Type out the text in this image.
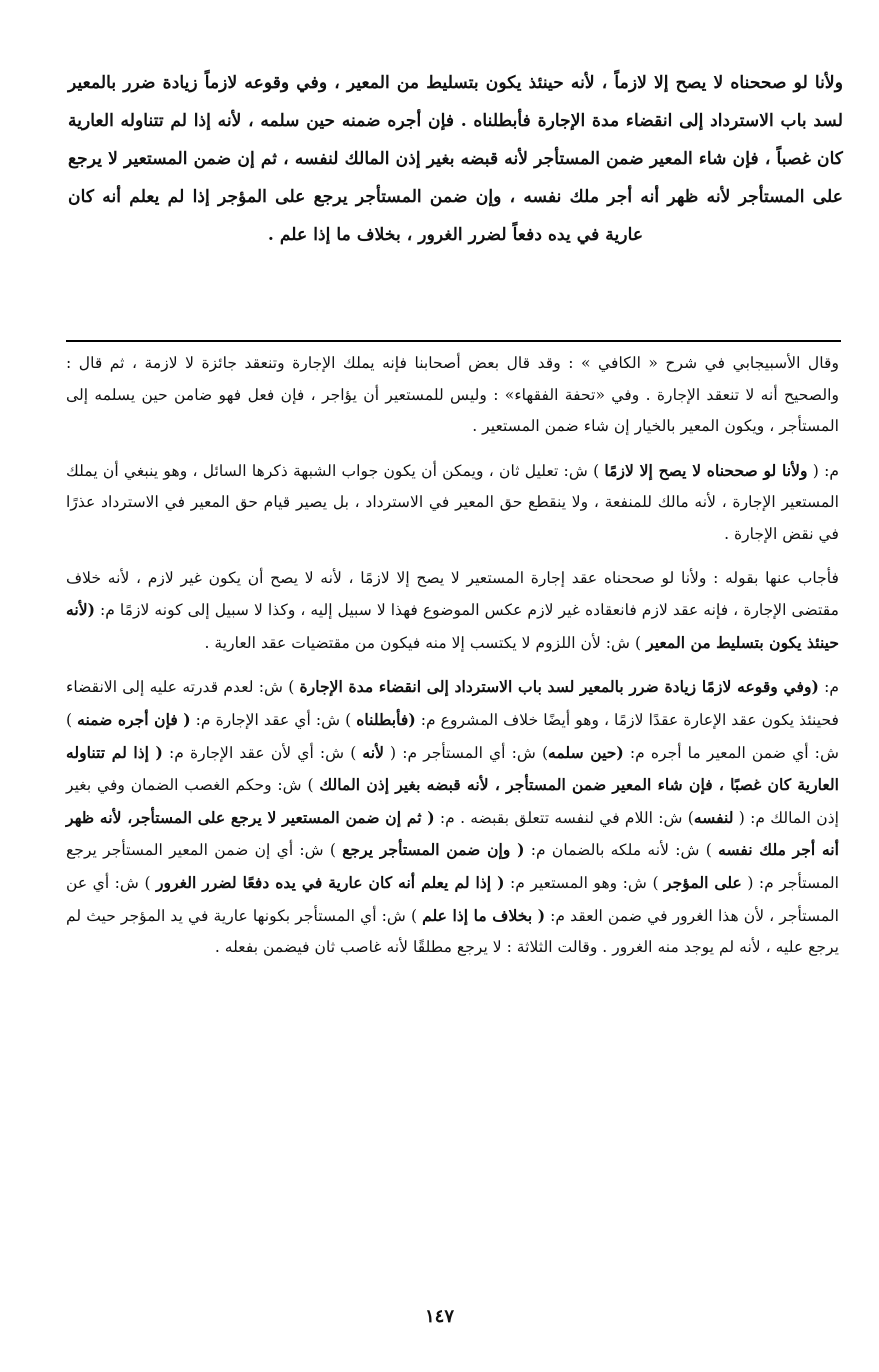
ولأنا لو صححناه لا يصح إلا لازماً ، لأنه حينئذ يكون بتسليط من المعير ، وفي وقوعه لازماً زيادة ضرر بالمعير لسد باب الاسترداد إلى انقضاء مدة الإجارة فأبطلناه . فإن أجره ضمنه حين سلمه ، لأنه إذا لم تتناوله العارية كان غصباً ، فإن شاء المعير ضمن المستأجر لأنه قبضه بغير إذن المالك لنفسه ، ثم إن ضمن المستعير لا يرجع على المستأجر لأنه ظهر أنه أجر ملك نفسه ، وإن ضمن المستأجر يرجع على المؤجر إذا لم يعلم أنه كان عارية في يده دفعاً لضرر الغرور ، بخلاف ما إذا علم .

وقال الأسبيجابي في شرح « الكافي » : وقد قال بعض أصحابنا فإنه يملك الإجارة وتنعقد جائزة لا لازمة ، ثم قال : والصحيح أنه لا تنعقد الإجارة . وفي «تحفة الفقهاء» : وليس للمستعير أن يؤاجر ، فإن فعل فهو ضامن حين يسلمه إلى المستأجر ، ويكون المعير بالخيار إن شاء ضمن المستعير .

م: ( ولأنا لو صححناه لا يصح إلا لازمًا ) ش: تعليل ثان ، ويمكن أن يكون جواب الشبهة ذكرها السائل ، وهو ينبغي أن يملك المستعير الإجارة ، لأنه مالك للمنفعة ، ولا ينقطع حق المعير في الاسترداد ، بل يصير قيام حق المعير في الاسترداد عذرًا في نقض الإجارة .

فأجاب عنها بقوله : ولأنا لو صححناه عقد إجارة المستعير لا يصح إلا لازمًا ، لأنه لا يصح أن يكون غير لازم ، لأنه خلاف مقتضى الإجارة ، فإنه عقد لازم فانعقاده غير لازم عكس الموضوع فهذا لا سبيل إليه ، وكذا لا سبيل إلى كونه لازمًا م: (لأنه حينئذ يكون بتسليط من المعير ) ش: لأن اللزوم لا يكتسب إلا منه فيكون من مقتضيات عقد العارية .

م: (وفي وقوعه لازمًا زيادة ضرر بالمعير لسد باب الاسترداد إلى انقضاء مدة الإجارة ) ش: لعدم قدرته عليه إلى الانقضاء فحينئذ يكون عقد الإعارة عقدًا لازمًا ، وهو أيضًا خلاف المشروع م: (فأبطلناه ) ش: أي عقد الإجارة م: ( فإن أجره ضمنه ) ش: أي ضمن المعير ما أجره م: (حين سلمه) ش: أي المستأجر م: ( لأنه ) ش: أي لأن عقد الإجارة م: ( إذا لم تتناوله العارية كان غصبًا ، فإن شاء المعير ضمن المستأجر ، لأنه قبضه بغير إذن المالك ) ش: وحكم الغصب الضمان وفي بغير إذن المالك م: ( لنفسه) ش: اللام في لنفسه تتعلق بقبضه . م: ( ثم إن ضمن المستعير لا يرجع على المستأجر، لأنه ظهر أنه أجر ملك نفسه ) ش: لأنه ملكه بالضمان م: ( وإن ضمن المستأجر يرجع ) ش: أي إن ضمن المعير المستأجر يرجع المستأجر م: ( على المؤجر ) ش: وهو المستعير م: ( إذا لم يعلم أنه كان عارية في يده دفعًا لضرر الغرور ) ش: أي عن المستأجر ، لأن هذا الغرور في ضمن العقد م: ( بخلاف ما إذا علم ) ش: أي المستأجر بكونها عارية في يد المؤجر حيث لم يرجع عليه ، لأنه لم يوجد منه الغرور . وقالت الثلاثة : لا يرجع مطلقًا لأنه غاصب ثان فيضمن بفعله .

١٤٧
